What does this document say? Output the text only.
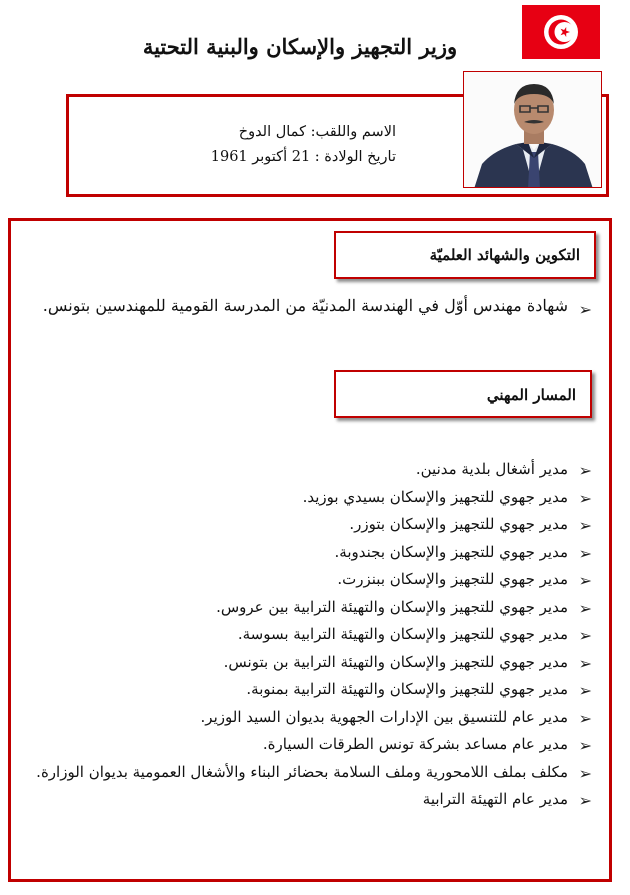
وزير التجهيز والإسكان والبنية التحتية
الاسم واللقب: كمال الدوخ
تاريخ الولادة : 21 أكتوبر 1961
التكوين والشهائد العلميّة
➢
شهادة مهندس أوّل في الهندسة المدنيّة من المدرسة القومية للمهندسين بتونس.
المسار المهني
➢
مدير أشغال بلدية مدنين.
➢
مدير جهوي للتجهيز والإسكان بسيدي بوزيد.
➢
مدير جهوي للتجهيز والإسكان بتوزر.
➢
مدير جهوي للتجهيز والإسكان بجندوبة.
➢
مدير جهوي للتجهيز والإسكان ببنزرت.
➢
مدير جهوي للتجهيز والإسكان والتهيئة الترابية بين عروس.
➢
مدير جهوي للتجهيز والإسكان والتهيئة الترابية بسوسة.
➢
مدير جهوي للتجهيز والإسكان والتهيئة الترابية بن بتونس.
➢
مدير جهوي للتجهيز والإسكان والتهيئة الترابية بمنوبة.
➢
مدير عام للتنسيق بين الإدارات الجهوية بديوان السيد الوزير.
➢
مدير عام مساعد بشركة تونس الطرقات السيارة.
➢
مكلف بملف اللامحورية وملف السلامة بحضائر البناء والأشغال العمومية بديوان الوزارة.
➢
مدير عام التهيئة الترابية
